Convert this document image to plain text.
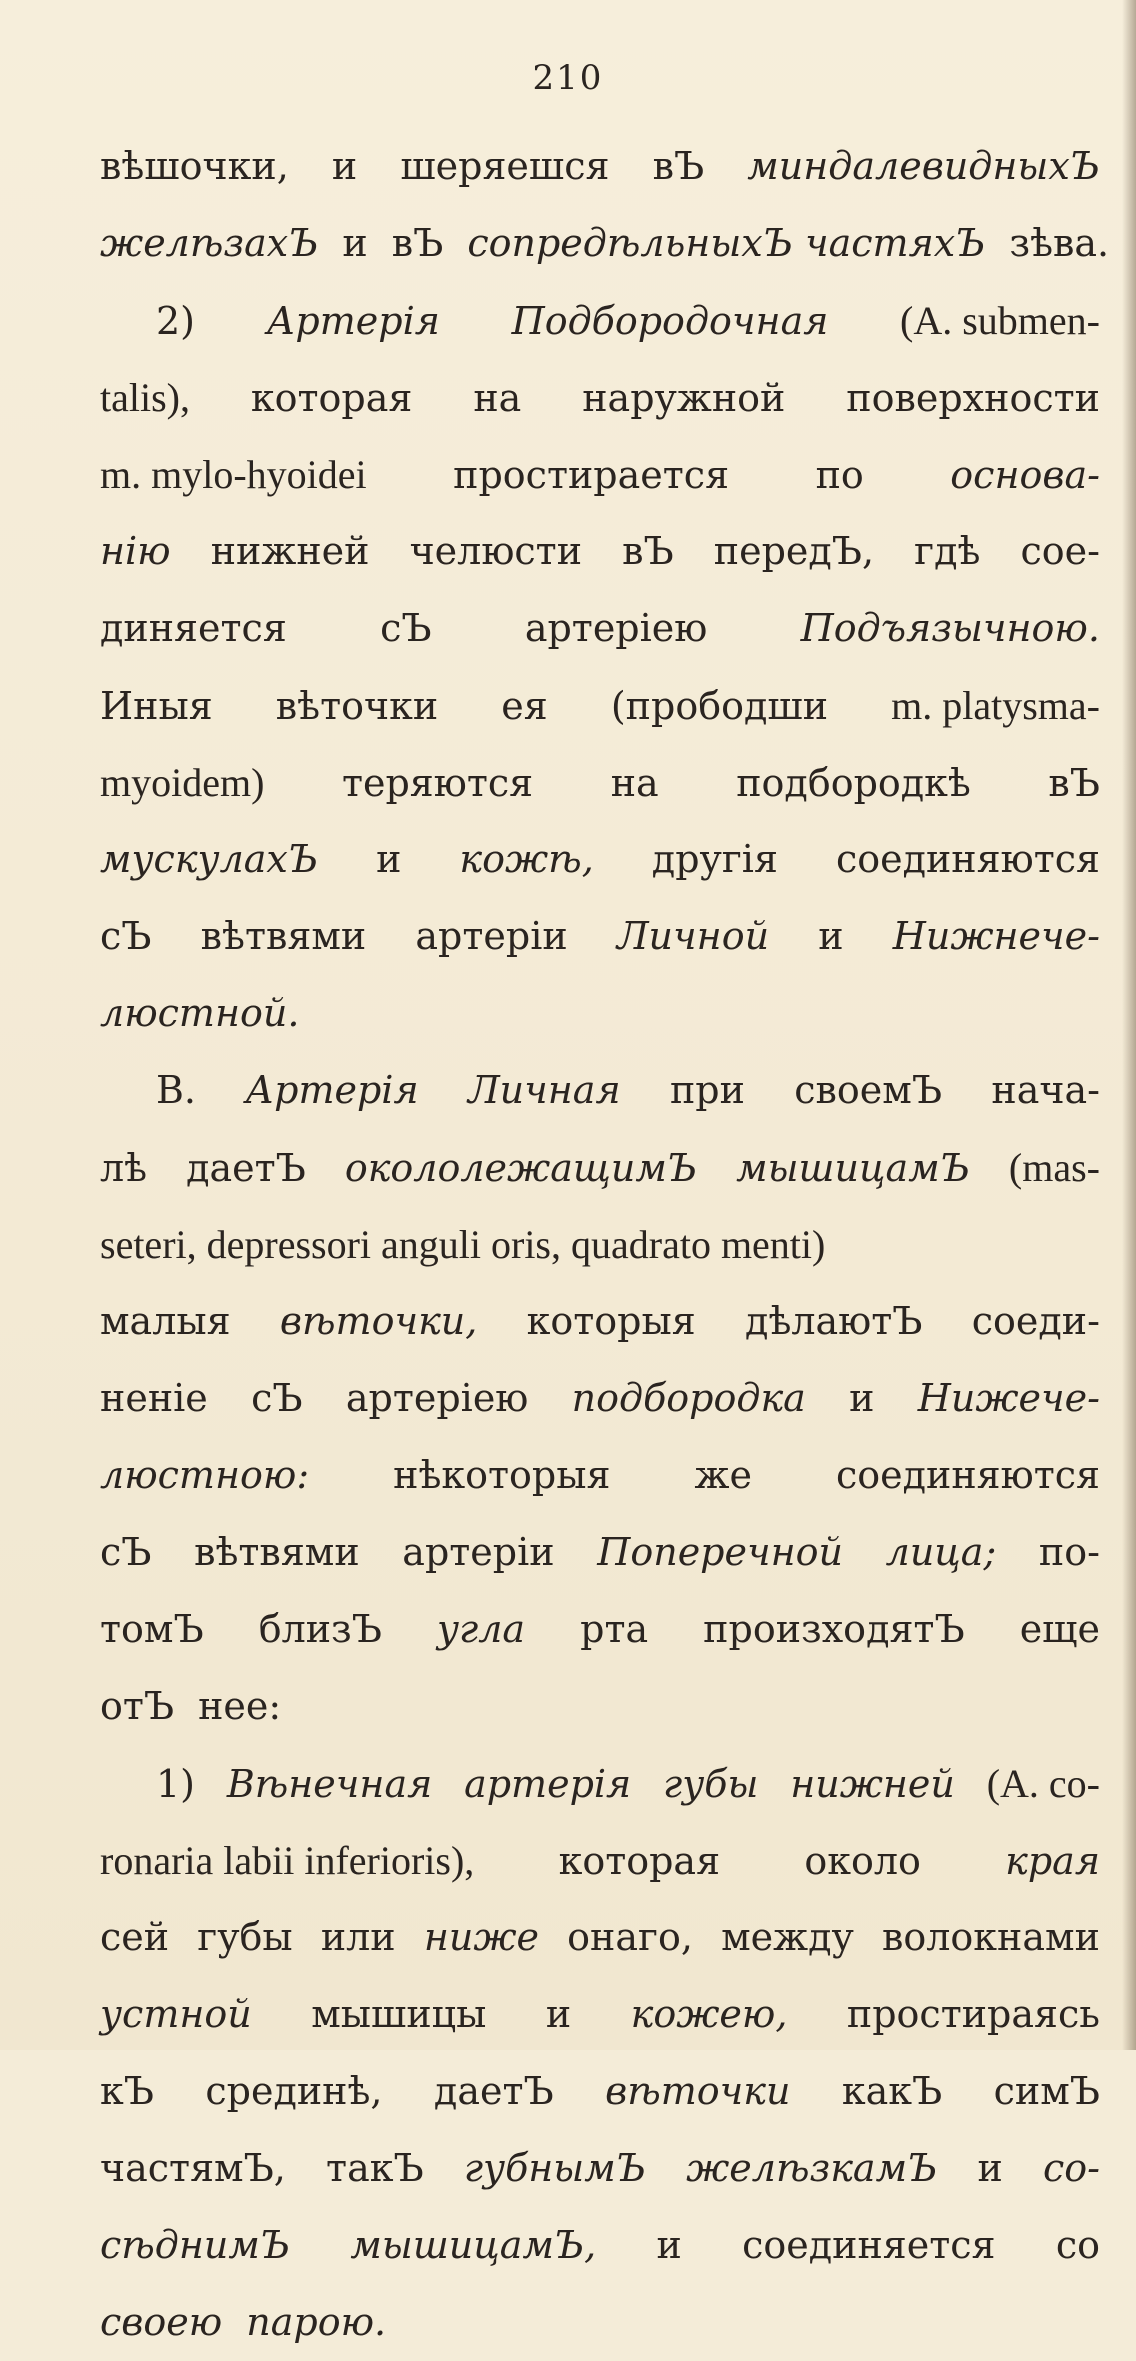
210
вѣшочки, и шеряешся вЪ миндалевидныхЪ
желѣзахЪ и вЪ сопредѣльныхЪ частяхЪ зѣва.
2) Артерія Подбородочная (A. submen-
talis), которая на наружной поверхности
m. mylo-hyoidei простирается по основа-
нію нижней челюсти вЪ передЪ, гдѣ сое-
диняется сЪ артеріею Подъязычною.
Иныя вѣточки ея (прободши m. platysma-
myoidem) теряются на подбородкѣ вЪ
мускулахЪ и кожѣ, другія соединяются
сЪ вѣтвями артеріи Личной и Нижнече-
люстной.
B. Артерія Личная при своемЪ нача-
лѣ даетЪ окололежащимЪ мышицамЪ (mas-
seteri, depressori anguli oris, quadrato menti)
малыя вѣточки, которыя дѣлаютЪ соеди-
неніе сЪ артеріею подбородка и Нижече-
люстною: нѣкоторыя же соединяются
сЪ вѣтвями артеріи Поперечной лица; по-
томЪ близЪ угла рта произходятЪ еще
отЪ нее:
1) Вѣнечная артерія губы нижней (A. co-
ronaria labii inferioris), которая около края
сей губы или ниже онаго, между волокнами
устной мышицы и кожею, простираясь
кЪ срединѣ, даетЪ вѣточки какЪ симЪ
частямЪ, такЪ губнымЪ желѣзкамЪ и со-
сѣднимЪ мышицамЪ, и соединяется со
своею парою.
